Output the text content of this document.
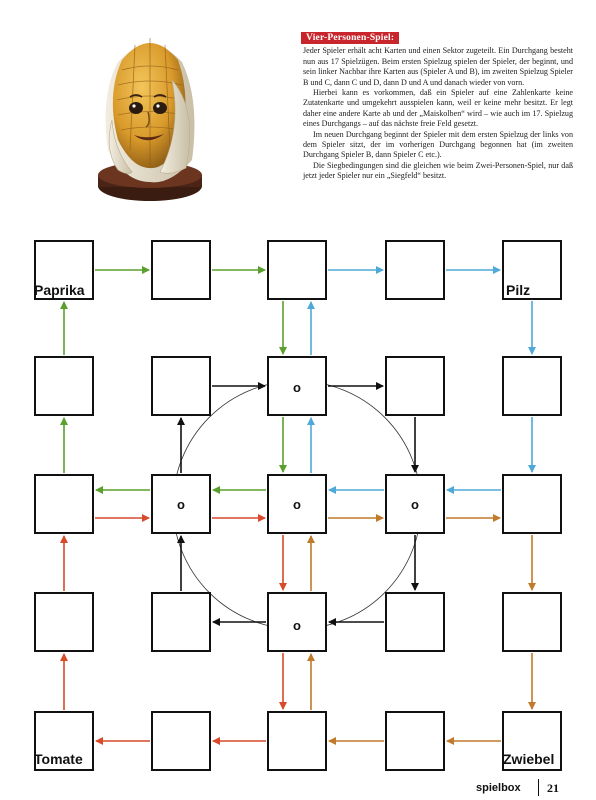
Vier-Personen-Spiel:

Jeder Spieler erhält acht Karten und einen Sektor zugeteilt. Ein Durchgang besteht nun aus 17 Spielzügen. Beim ersten Spielzug spielen der Spieler, der beginnt, und sein linker Nachbar ihre Karten aus (Spieler A und B), im zweiten Spielzug Spieler B und C, dann C und D, dann D und A und danach wieder von vorn.

Hierbei kann es vorkommen, daß ein Spieler auf eine Zahlenkarte keine Zutatenkarte und umgekehrt ausspielen kann, weil er keine mehr besitzt. Er legt daher eine andere Karte ab und der „Maiskolben“ wird – wie auch im 17. Spielzug eines Durchgangs – auf das nächste freie Feld gesetzt.

Im neuen Durchgang beginnt der Spieler mit dem ersten Spielzug der links von dem Spieler sitzt, der im vorherigen Durchgang begonnen hat (im zweiten Durchgang Spieler B, dann Spieler C etc.).

Die Siegbedingungen sind die gleichen wie beim Zwei-Personen-Spiel, nur daß jetzt jeder Spieler nur ein „Siegfeld“ besitzt.

Paprika	Pilz
Tomate	Zwiebel
o
o	o	o
o
spielbox 21
